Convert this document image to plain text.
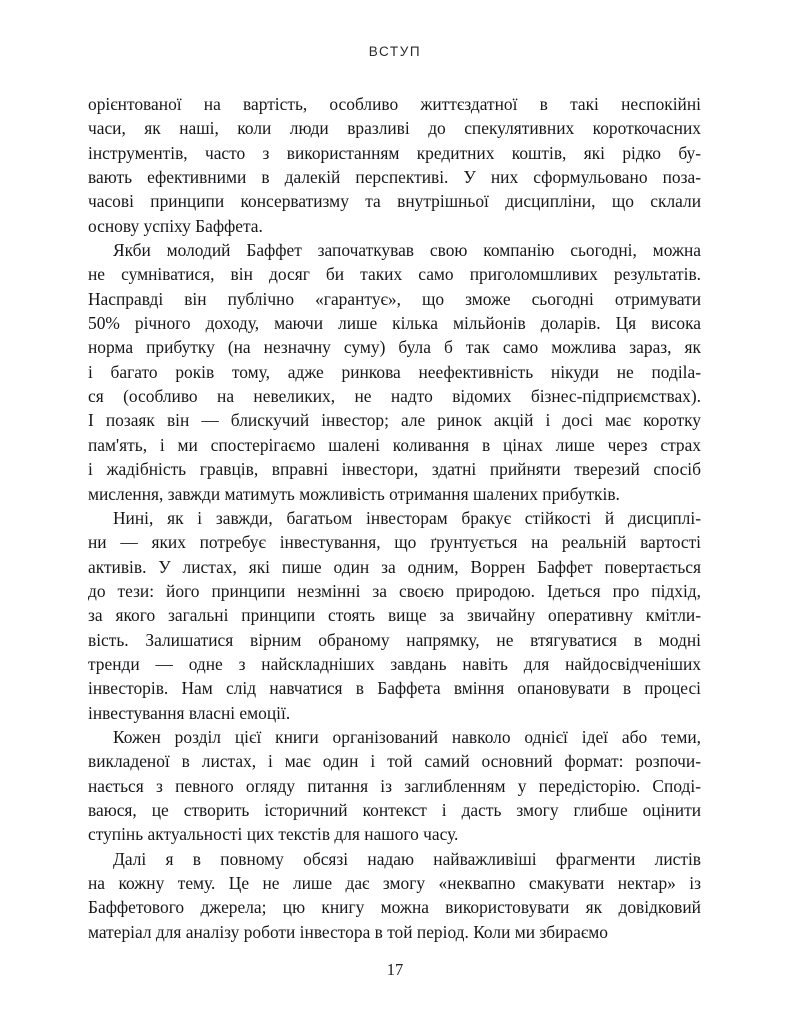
ВСТУП

орієнтованої на вартість, особливо життєздатної в такі неспокійні
часи, як наші, коли люди вразливі до спекулятивних короткочасних
інструментів, часто з використанням кредитних коштів, які рідко бу-
вають ефективними в далекій перспективі. У них сформульовано поза-
часові принципи консерватизму та внутрішньої дисципліни, що склали
основу успіху Баффета.

Якби молодий Баффет започаткував свою компанію сьогодні, можна
не сумніватися, він досяг би таких само приголомшливих результатів.
Насправді він публічно «гарантує», що зможе сьогодні отримувати
50% річного доходу, маючи лише кілька мільйонів доларів. Ця висока
норма прибутку (на незначну суму) була б так само можлива зараз, як
і багато років тому, адже ринкова неефективність нікуди не подila-
ся (особливо на невеликих, не надто відомих бізнес-підприємствах).
І позаяк він — блискучий інвестор; але ринок акцій і досі має коротку
пам'ять, і ми спостерігаємо шалені коливання в цінах лише через страх
і жадібність гравців, вправні інвестори, здатні прийняти тверезий спосіб
мислення, завжди матимуть можливість отримання шалених прибутків.

Нині, як і завжди, багатьом інвесторам бракує стійкості й дисциплі-
ни — яких потребує інвестування, що ґрунтується на реальній вартості
активів. У листах, які пише один за одним, Воррен Баффет повертається
до тези: його принципи незмінні за своєю природою. Ідеться про підхід,
за якого загальні принципи стоять вище за звичайну оперативну кмітли-
вість. Залишатися вірним обраному напрямку, не втягуватися в модні
тренди — одне з найскладніших завдань навіть для найдосвідченіших
інвесторів. Нам слід навчатися в Баффета вміння опановувати в процесі
інвестування власні емоції.

Кожен розділ цієї книги організований навколо однієї ідеї або теми,
викладеної в листах, і має один і той самий основний формат: розпочи-
нається з певного огляду питання із заглибленням у передісторію. Споді-
ваюся, це створить історичний контекст і дасть змогу глибше оцінити
ступінь актуальності цих текстів для нашого часу.

Далі я в повному обсязі надаю найважливіші фрагменти листів
на кожну тему. Це не лише дає змогу «неквапно смакувати нектар» із
Баффетового джерела; цю книгу можна використовувати як довідковий
матеріал для аналізу роботи інвестора в той період. Коли ми збираємо

17
